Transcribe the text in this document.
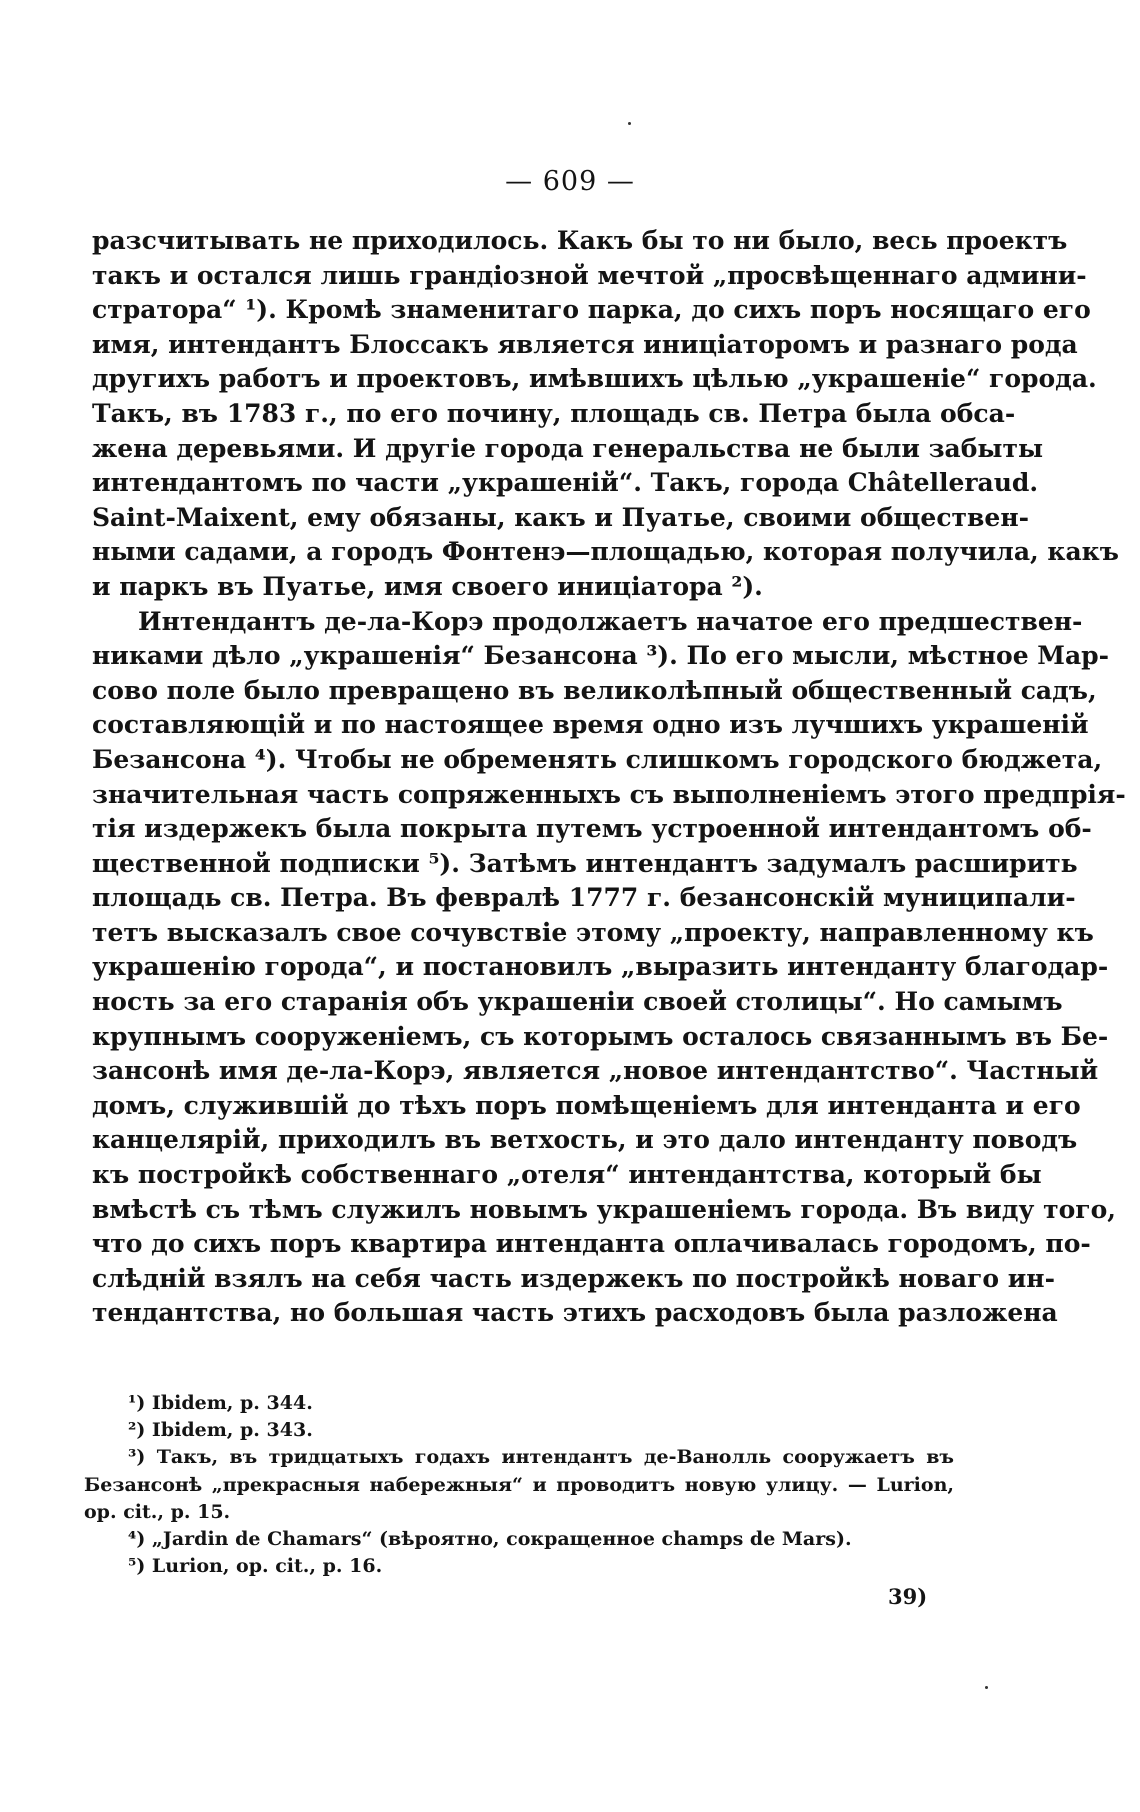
— 609 —
разсчитывать не приходилось. Какъ бы то ни было, весь проектъ
такъ и остался лишь грандіозной мечтой „просвѣщеннаго админи-
стратора“ ¹). Кромѣ знаменитаго парка, до сихъ поръ носящаго его
имя, интендантъ Блоссакъ является иниціаторомъ и разнаго рода
другихъ работъ и проектовъ, имѣвшихъ цѣлью „украшеніе“ города.
Такъ, въ 1783 г., по его почину, площадь св. Петра была обса-
жена деревьями. И другіе города генеральства не были забыты
интендантомъ по части „украшеній“. Такъ, города Châtelleraud.
Saint-Maixent, ему обязаны, какъ и Пуатье, своими обществен-
ными садами, а городъ Фонтенэ—площадью, которая получила, какъ
и паркъ въ Пуатье, имя своего иниціатора ²).
Интендантъ де-ла-Корэ продолжаетъ начатое его предшествен-
никами дѣло „украшенія“ Безансона ³). По его мысли, мѣстное Мар-
сово поле было превращено въ великолѣпный общественный садъ,
составляющій и по настоящее время одно изъ лучшихъ украшеній
Безансона ⁴). Чтобы не обременять слишкомъ городского бюджета,
значительная часть сопряженныхъ съ выполненіемъ этого предпрія-
тія издержекъ была покрыта путемъ устроенной интендантомъ об-
щественной подписки ⁵). Затѣмъ интендантъ задумалъ расширить
площадь св. Петра. Въ февралѣ 1777 г. безансонскій муниципали-
тетъ высказалъ свое сочувствіе этому „проекту, направленному къ
украшенію города“, и постановилъ „выразить интенданту благодар-
ность за его старанія объ украшеніи своей столицы“. Но самымъ
крупнымъ сооруженіемъ, съ которымъ осталось связаннымъ въ Бе-
зансонѣ имя де-ла-Корэ, является „новое интендантство“. Частный
домъ, служившій до тѣхъ поръ помѣщеніемъ для интенданта и его
канцелярій, приходилъ въ ветхость, и это дало интенданту поводъ
къ постройкѣ собственнаго „отеля“ интендантства, который бы
вмѣстѣ съ тѣмъ служилъ новымъ украшеніемъ города. Въ виду того,
что до сихъ поръ квартира интенданта оплачивалась городомъ, по-
слѣдній взялъ на себя часть издержекъ по постройкѣ новаго ин-
тендантства, но большая часть этихъ расходовъ была разложена
¹) Ibidem, p. 344.
²) Ibidem, p. 343.
³) Такъ, въ тридцатыхъ годахъ интендантъ де-Ванолль сооружаетъ въ
Безансонѣ „прекрасныя набережныя“ и проводитъ новую улицу. — Lurion,
op. cit., p. 15.
⁴) „Jardin de Chamars“ (вѣроятно, сокращенное champs de Mars).
⁵) Lurion, op. cit., p. 16.
39)
